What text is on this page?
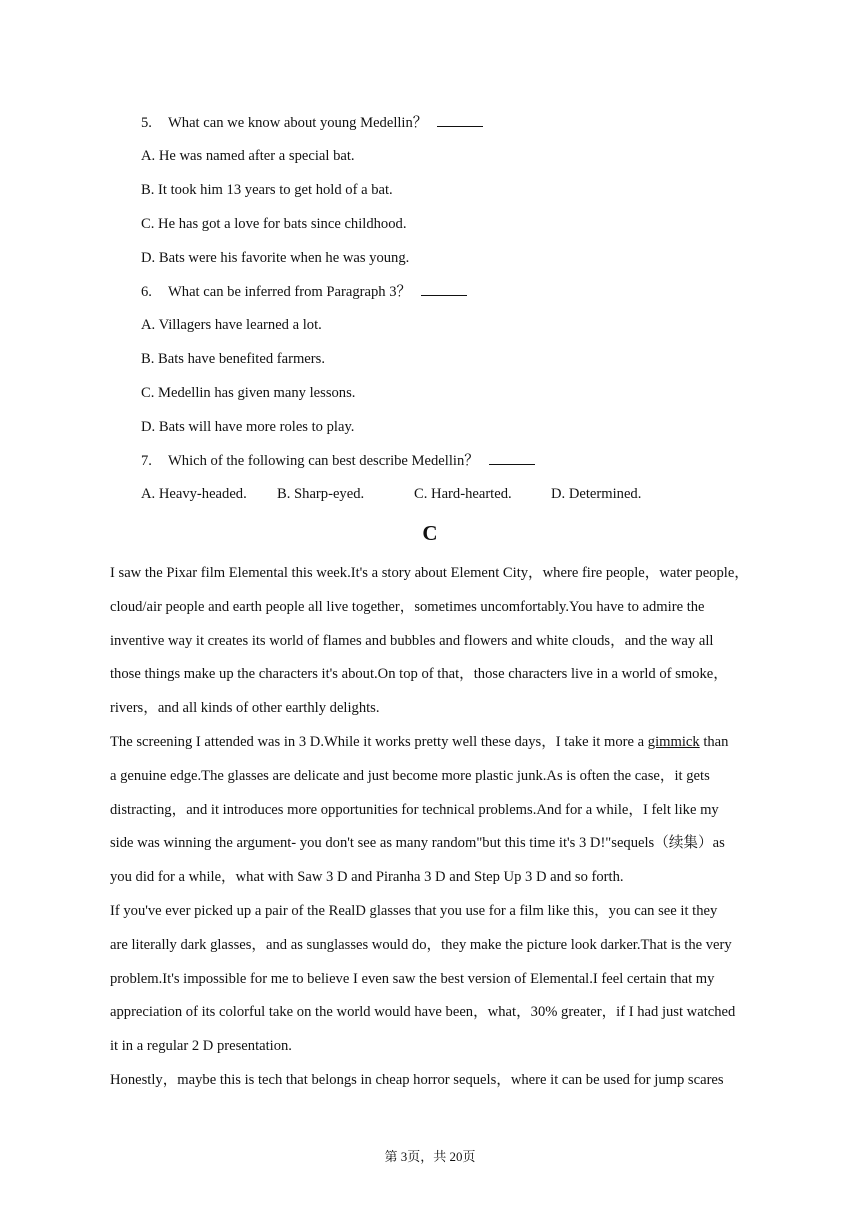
5. What can we know about young Medellin？
A. He was named after a special bat.
B. It took him 13 years to get hold of a bat.
C. He has got a love for bats since childhood.
D. Bats were his favorite when he was young.
6. What can be inferred from Paragraph 3？
A. Villagers have learned a lot.
B. Bats have benefited farmers.
C. Medellin has given many lessons.
D. Bats will have more roles to play.
7. Which of the following can best describe Medellin？
A. Heavy-headed. B. Sharp-eyed.	C. Hard-hearted.	D. Determined.
C
I saw the Pixar film Elemental this week.It's a story about Element City，where fire people，water people，
cloud/air people and earth people all live together，sometimes uncomfortably.You have to admire the
inventive way it creates its world of flames and bubbles and flowers and white clouds，and the way all
those things make up the characters it's about.On top of that，those characters live in a world of smoke，
rivers，and all kinds of other earthly delights.
The screening I attended was in 3 D.While it works pretty well these days，I take it more a gimmick than
a genuine edge.The glasses are delicate and just become more plastic junk.As is often the case，it gets
distracting，and it introduces more opportunities for technical problems.And for a while，I felt like my
side was winning the argument- you don't see as many random"but this time it's 3 D!"sequels（续集）as
you did for a while，what with Saw 3 D and Piranha 3 D and Step Up 3 D and so forth.
If you've ever picked up a pair of the RealD glasses that you use for a film like this，you can see it they
are literally dark glasses，and as sunglasses would do，they make the picture look darker.That is the very
problem.It's impossible for me to believe I even saw the best version of Elemental.I feel certain that my
appreciation of its colorful take on the world would have been，what，30% greater，if I had just watched
it in a regular 2 D presentation.
Honestly，maybe this is tech that belongs in cheap horror sequels，where it can be used for jump scares
第 3页，共 20页
